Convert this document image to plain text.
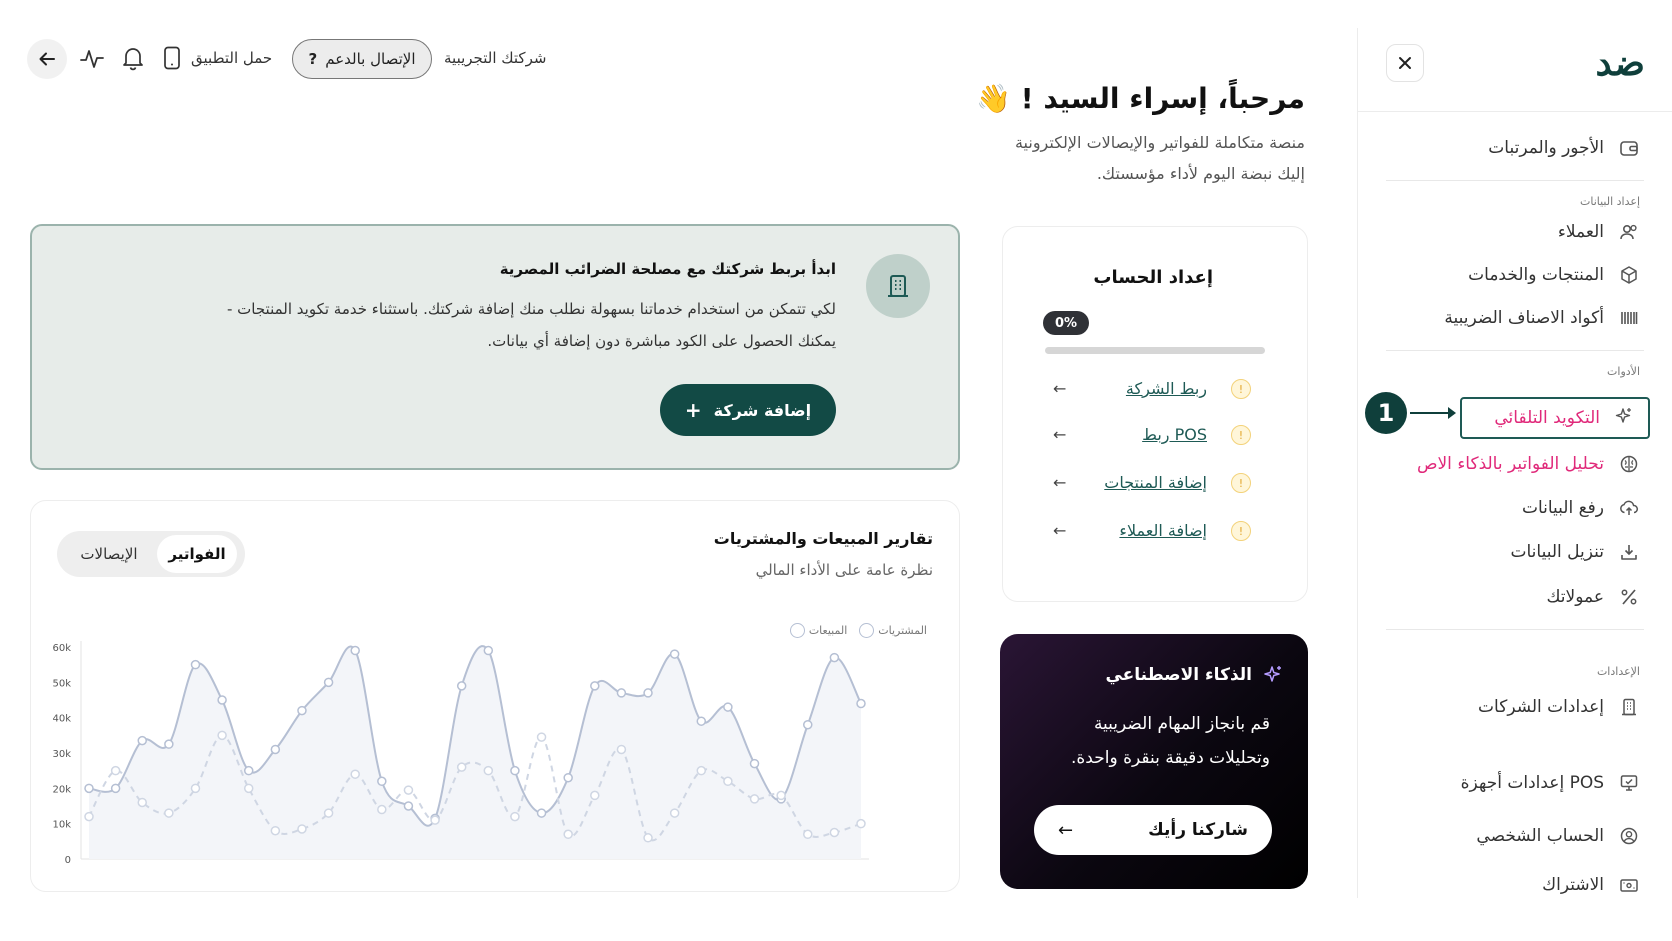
ضد
الأجور والمرتبات
إعداد البيانات
العملاء
المنتجات والخدمات
أكواد الاصناف الضريبية
الأدوات
التكويد التلقائي
تحليل الفواتير بالذكاء الاص
رفع البيانات
تنزيل البيانات
عمولاتك
الإعدادات
إعدادات الشركات
إعدادات أجهزة POS
الحساب الشخصي
الاشتراك
1
حمل التطبيق ? الإتصال بالدعم شركتك التجريبية
مرحباً، إسراء السيد ! 👋
منصة متكاملة للفواتير والإيصالات الإلكترونية
إليك نبضة اليوم لأداء مؤسستك.
إعداد الحساب
0%
!
ربط الشركة
←
!
ربط POS
←
!
إضافة المنتجات
←
!
إضافة العملاء
←
ابدأ بربط شركتك مع مصلحة الضرائب المصرية
لكي تتمكن من استخدام خدماتنا بسهولة نطلب منك إضافة شركتك. باستثناء خدمة تكويد المنتجات -
يمكنك الحصول على الكود مباشرة دون إضافة أي بيانات.
إضافة شركة
+
الذكاء الاصطناعي
قم بانجاز المهام الضريبية
وتحليلات دقيقة بنقرة واحدة.
←	شاركنا رأيك
تقارير المبيعات والمشتريات
نظرة عامة على الأداء المالي
الإيصالات	الفواتير
المشتريات
المبيعات
0
10k
20k
30k
40k
50k
60k
